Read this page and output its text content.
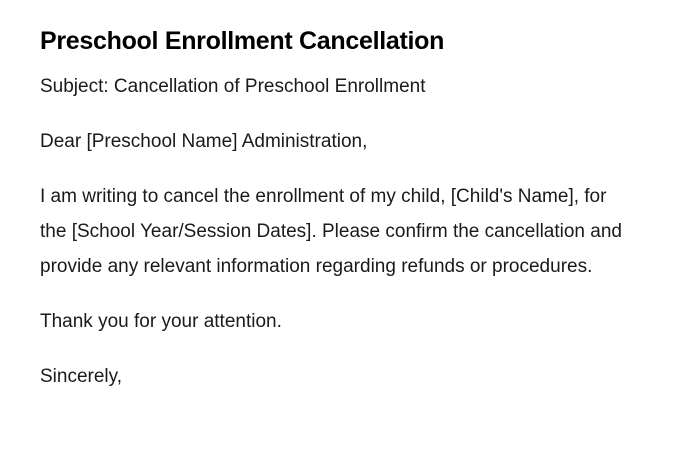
Preschool Enrollment Cancellation

Subject: Cancellation of Preschool Enrollment

Dear [Preschool Name] Administration,

I am writing to cancel the enrollment of my child, [Child's Name], for the [School Year/Session Dates]. Please confirm the cancellation and provide any relevant information regarding refunds or procedures.

Thank you for your attention.

Sincerely,
